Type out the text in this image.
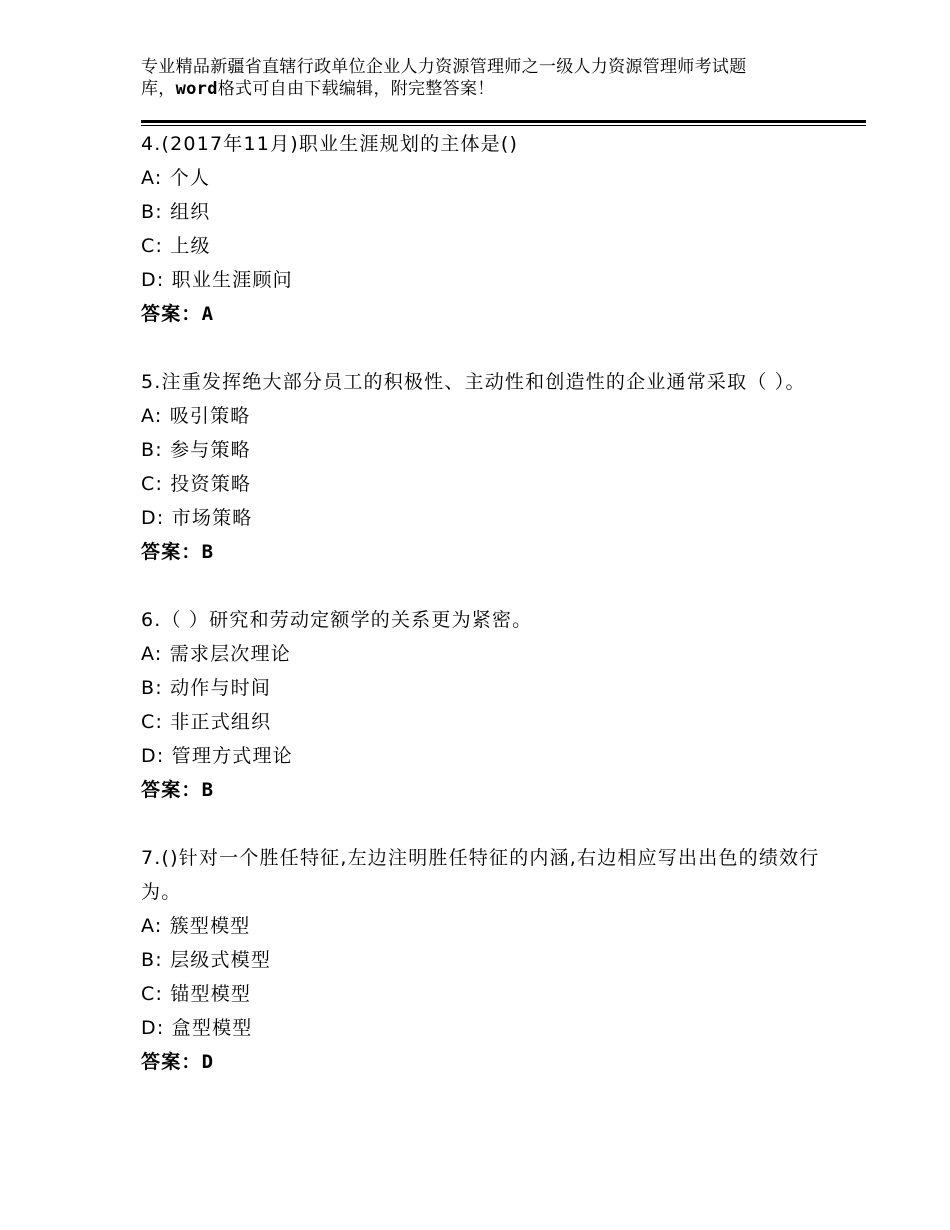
专业精品新疆省直辖行政单位企业人力资源管理师之一级人力资源管理师考试题
库，word格式可自由下载编辑，附完整答案！
4.(2017年11月)职业生涯规划的主体是()
A: 个人
B: 组织
C: 上级
D: 职业生涯顾问
答案：A
5.注重发挥绝大部分员工的积极性、主动性和创造性的企业通常采取（ ）。
A: 吸引策略
B: 参与策略
C: 投资策略
D: 市场策略
答案：B
6.（ ）研究和劳动定额学的关系更为紧密。
A: 需求层次理论
B: 动作与时间
C: 非正式组织
D: 管理方式理论
答案：B
7.()针对一个胜任特征,左边注明胜任特征的内涵,右边相应写出出色的绩效行为。
A: 簇型模型
B: 层级式模型
C: 锚型模型
D: 盒型模型
答案：D
